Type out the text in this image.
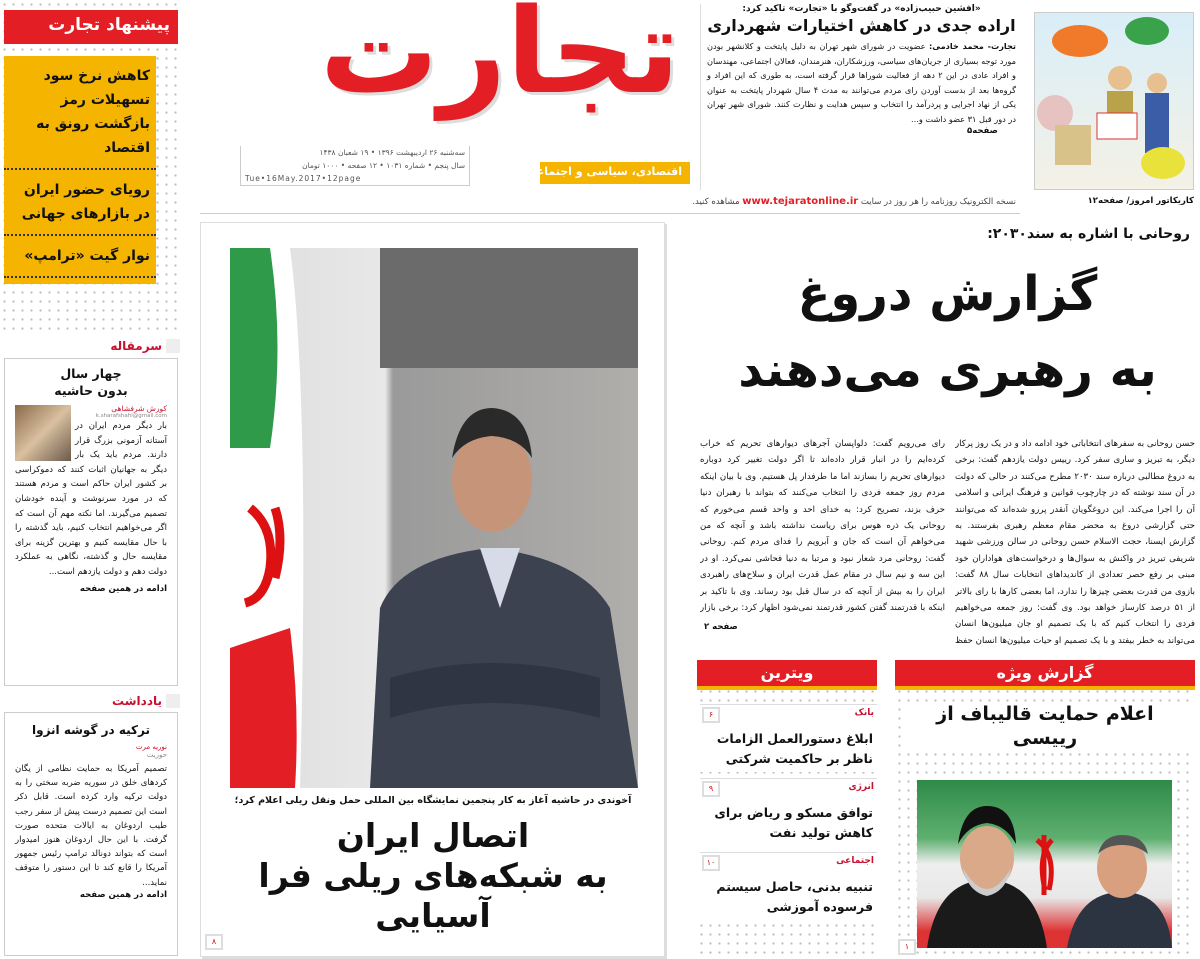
تجارت
اقتصادی، سیاسی و اجتماعی
سه‌شنبه ۲۶ اردیبهشت ۱۳۹۶ • ۱۹ شعبان ۱۴۳۸
سال پنجم • شماره ۱۰۳۱ • ۱۲ صفحه • ۱۰۰۰ تومان
Tue•16May.2017•12page
نسخه الکترونیک روزنامه را هر روز در سایت www.tejaratonline.ir مشاهده کنید.
«افشین حبیب‌زاده» در گفت‌وگو با «تجارت» تاکید کرد:
اراده جدی در کاهش اختیارات شهرداری
تجارت- محمد خادمی: عضویت در شورای شهر تهران به دلیل پایتخت و کلانشهر بودن مورد توجه بسیاری از جریان‌های سیاسی، ورزشکاران، هنرمندان، فعالان اجتماعی، مهندسان و افراد عادی در این ۲ دهه از فعالیت شوراها قرار گرفته است، به طوری که این افراد و گروه‌ها بعد از بدست آوردن رای مردم می‌توانند به مدت ۴ سال شهردار پایتخت به عنوان یکی از نهاد اجرایی و پردرآمد را انتخاب و سپس هدایت و نظارت کنند. شورای شهر تهران در دور قبل ۳۱ عضو داشت و...
صفحه۵
کاریکاتور امروز/ صفحه۱۲
پیشنهاد تجارت
کاهش نرخ سود تسهیلات رمز بازگشت رونق به اقتصاد
رویای حضور ایران در بازارهای جهانی
نوار گیت «ترامپ»
سرمقاله
چهار سال
بدون حاشیه
کورش شرفشاهی
k.sharafshahi@gmail.com
بار دیگر مردم ایران در آستانه آزمونی بزرگ قرار دارند. مردم باید یک بار دیگر به جهانیان اثبات کنند که دموکراسی بر کشور ایران حاکم است و مردم هستند که در مورد سرنوشت و آینده خودشان تصمیم می‌گیرند. اما نکته مهم آن است که اگر می‌خواهیم انتخاب کنیم، باید گذشته را با حال مقایسه کنیم و بهترین گزینه برای مقایسه حال و گذشته، نگاهی به عملکرد دولت دهم و دولت یازدهم است...
ادامه در همین صفحه
یادداشت
ترکیه در گوشه انزوا
نوریه مرت
حوریت
تصمیم آمریکا به حمایت نظامی از یگان کردهای خلق در سوریه ضربه سختی را به دولت ترکیه وارد کرده است. قابل ذکر است این تصمیم درست پیش از سفر رجب طیب اردوغان به ایالات متحده صورت گرفت. با این حال اردوغان هنوز امیدوار است که بتواند دونالد ترامپ رئیس جمهور آمریکا را قانع کند تا این دستور را متوقف نماید...
ادامه در همین صفحه
آخوندی در حاشیه آغاز به کار پنجمین نمایشگاه بین المللی حمل ونقل ریلی اعلام کرد؛
اتصال ایران
به شبکه‌های ریلی فرا آسیایی
۸
روحانی با اشاره به سند۲۰۳۰:
گزارش دروغ
به رهبری می‌دهند
حسن روحانی به سفرهای انتخاباتی خود ادامه داد و در یک روز پرکار دیگر، به تبریز و ساری سفر کرد. رییس دولت یازدهم گفت: برخی به دروغ مطالبی درباره سند ۲۰۳۰ مطرح می‌کنند در حالی که دولت در آن سند نوشته که در چارچوب قوانین و فرهنگ ایرانی و اسلامی آن را اجرا می‌کند. این دروغگویان آنقدر پررو شده‌اند که می‌توانند حتی گزارشی دروغ به محضر مقام معظم رهبری بفرستند. به گزارش ایسنا، حجت الاسلام حسن روحانی در سالن ورزشی شهید شریفی تبریز در واکنش به سوال‌ها و درخواست‌های هواداران خود مبنی بر رفع حصر تعدادی از کاندیداهای انتخابات سال ۸۸ گفت: بازوی من قدرت بعضی چیزها را ندارد، اما بعضی کارها با رای بالاتر از ۵۱ درصد کارساز خواهد بود. وی گفت: روز جمعه می‌خواهیم فردی را انتخاب کنیم که با یک تصمیم او جان میلیون‌ها انسان می‌تواند به خطر بیفتد و با یک تصمیم او حیات میلیون‌ها انسان حفظ
رای می‌رویم گفت: دلواپسان آجرهای دیوارهای تحریم که خراب کرده‌ایم را در انبار قرار داده‌اند تا اگر دولت تغییر کرد دوباره دیوارهای تحریم را بسازند اما ما طرفدار پل هستیم. وی با بیان اینکه مردم روز جمعه فردی را انتخاب می‌کنند که بتواند با رهبران دنیا حرف بزند، تصریح کرد: به خدای احد و واحد قسم می‌خورم که روحانی یک ذره هوس برای ریاست نداشته باشد و آنچه که من می‌خواهم آن است که جان و آبرویم را فدای مردم کنم. روحانی گفت: روحانی مرد شعار نبود و مرتبا به دنیا فحاشی نمی‌کرد. او در این سه و نیم سال در مقام عمل قدرت ایران و سلاح‌های راهبردی ایران را به بیش از آنچه که در سال قبل بود رساند. وی با تاکید بر اینکه با قدرتمند گفتن کشور قدرتمند نمی‌شود اظهار کرد: برخی بازار
صفحه ۲
ویترین
بانک
۶
ابلاغ دستورالعمل الزامات ناظر بر حاکمیت شرکتی
انرژی
۹
توافق مسکو و ریاض برای کاهش تولید نفت
اجتماعی
۱۰
تنبیه بدنی، حاصل سیستم فرسوده آموزشی
گزارش ویژه
اعلام حمایت قالیباف از رییسی
۱
